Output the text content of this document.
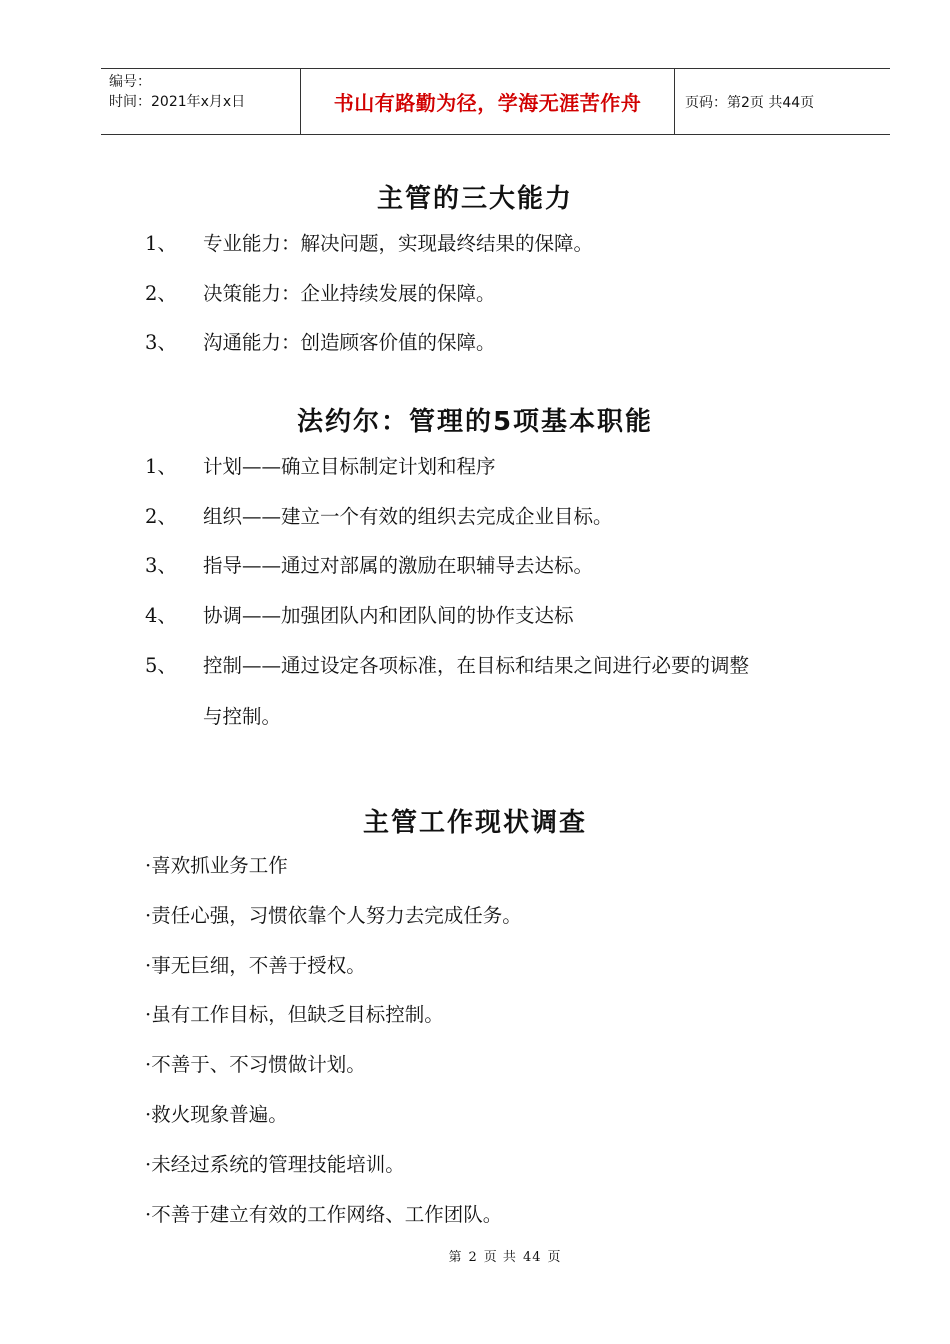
编号：
时间：2021年x月x日	书山有路勤为径，学海无涯苦作舟	页码：第2页 共44页
主管的三大能力
1、 专业能力：解决问题，实现最终结果的保障。
2、 决策能力：企业持续发展的保障。
3、 沟通能力：创造顾客价值的保障。
法约尔：管理的5项基本职能
1、 计划——确立目标制定计划和程序
2、 组织——建立一个有效的组织去完成企业目标。
3、 指导——通过对部属的激励在职辅导去达标。
4、 协调——加强团队内和团队间的协作支达标
5、 控制——通过设定各项标准，在目标和结果之间进行必要的调整
与控制。
主管工作现状调查
·喜欢抓业务工作
·责任心强，习惯依靠个人努力去完成任务。
·事无巨细，不善于授权。
·虽有工作目标，但缺乏目标控制。
·不善于、不习惯做计划。
·救火现象普遍。
·未经过系统的管理技能培训。
·不善于建立有效的工作网络、工作团队。
第 2 页 共 44 页
